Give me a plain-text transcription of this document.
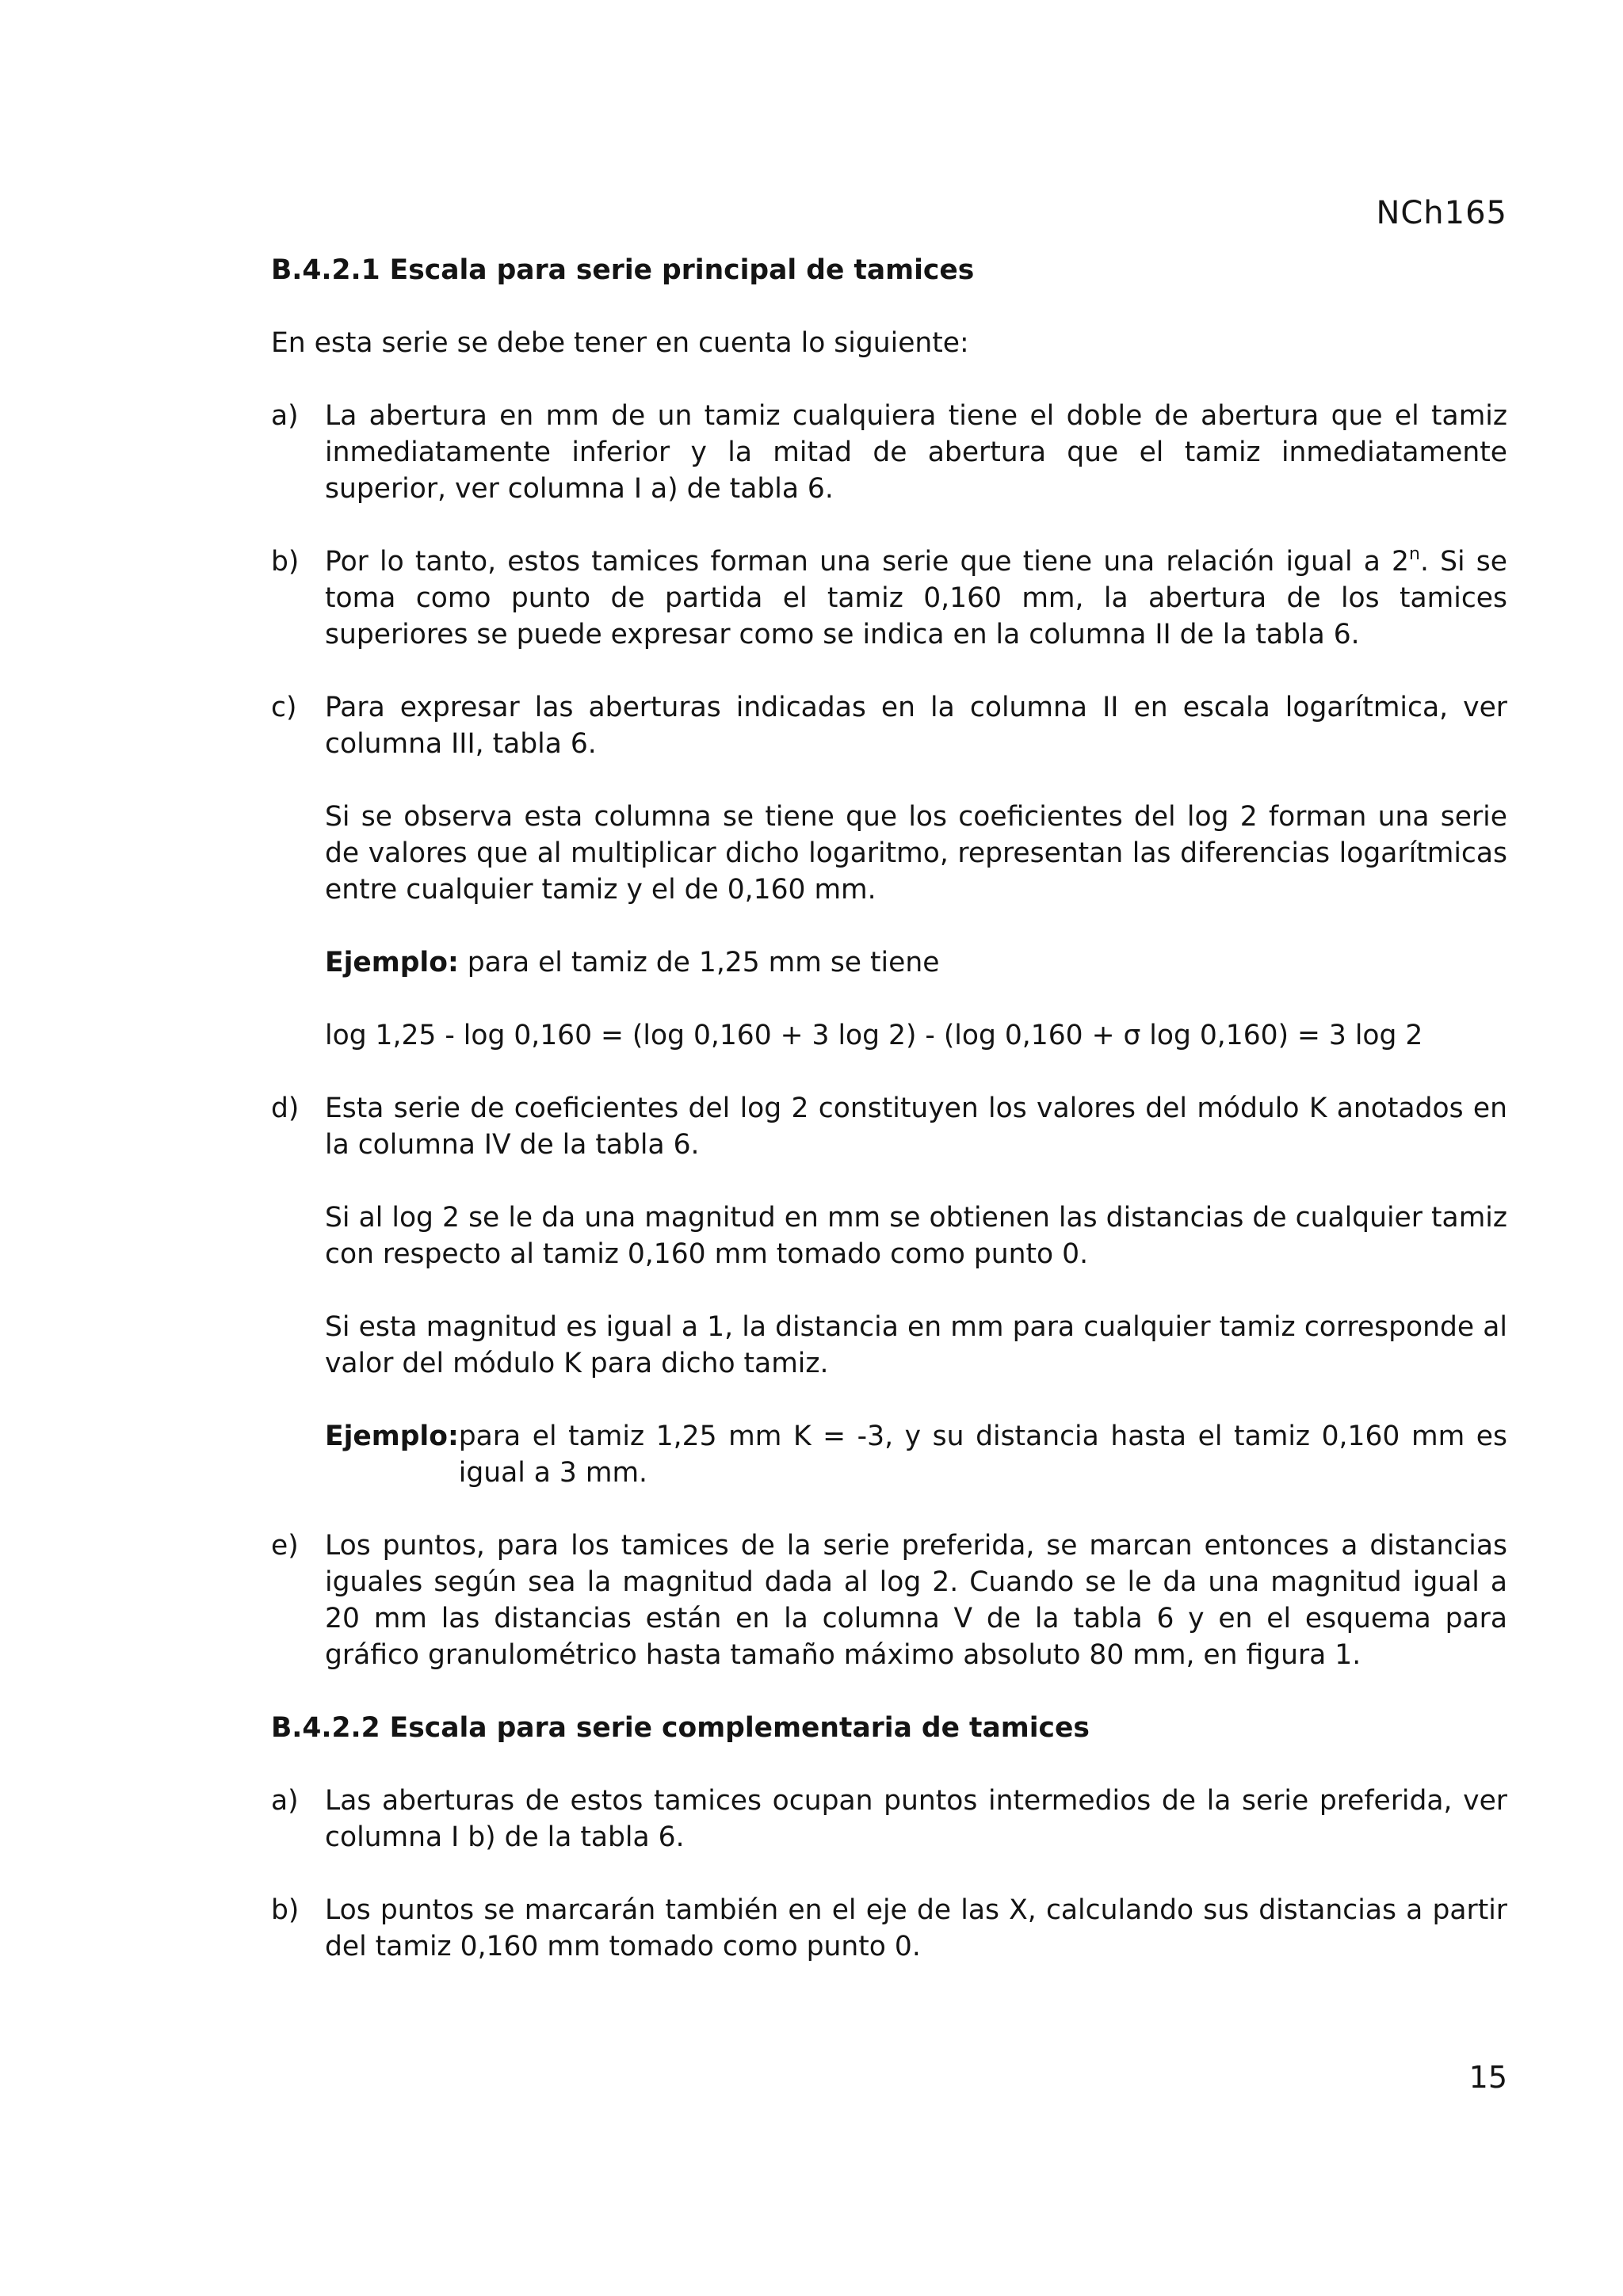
NCh165
B.4.2.1 Escala para serie principal de tamices
En esta serie se debe tener en cuenta lo siguiente:
a) La abertura en mm de un tamiz cualquiera tiene el doble de abertura que el tamiz inmediatamente inferior y la mitad de abertura que el tamiz inmediatamente superior, ver columna I a) de tabla 6.
b) Por lo tanto, estos tamices forman una serie que tiene una relación igual a 2$^n$. Si se toma como punto de partida el tamiz 0,160 mm, la abertura de los tamices superiores se puede expresar como se indica en la columna II de la tabla 6.
c) Para expresar las aberturas indicadas en la columna II en escala logarítmica, ver columna III, tabla 6.
Si se observa esta columna se tiene que los coeficientes del log 2 forman una serie de valores que al multiplicar dicho logaritmo, representan las diferencias logarítmicas entre cualquier tamiz y el de 0,160 mm.
Ejemplo: para el tamiz de 1,25 mm se tiene
log 1,25 - log 0,160 = (log 0,160 + 3 log 2) - (log 0,160 + σ log 0,160) = 3 log 2
d) Esta serie de coeficientes del log 2 constituyen los valores del módulo K anotados en la columna IV de la tabla 6.
Si al log 2 se le da una magnitud en mm se obtienen las distancias de cualquier tamiz con respecto al tamiz 0,160 mm tomado como punto 0.
Si esta magnitud es igual a 1, la distancia en mm para cualquier tamiz corresponde al valor del módulo K para dicho tamiz.
Ejemplo: para el tamiz 1,25 mm K = -3, y su distancia hasta el tamiz 0,160 mm es igual a 3 mm.
e) Los puntos, para los tamices de la serie preferida, se marcan entonces a distancias iguales según sea la magnitud dada al log 2. Cuando se le da una magnitud igual a 20 mm las distancias están en la columna V de la tabla 6 y en el esquema para gráfico granulométrico hasta tamaño máximo absoluto 80 mm, en figura 1.
B.4.2.2 Escala para serie complementaria de tamices
a) Las aberturas de estos tamices ocupan puntos intermedios de la serie preferida, ver columna I b) de la tabla 6.
b) Los puntos se marcarán también en el eje de las X, calculando sus distancias a partir del tamiz 0,160 mm tomado como punto 0.
15
